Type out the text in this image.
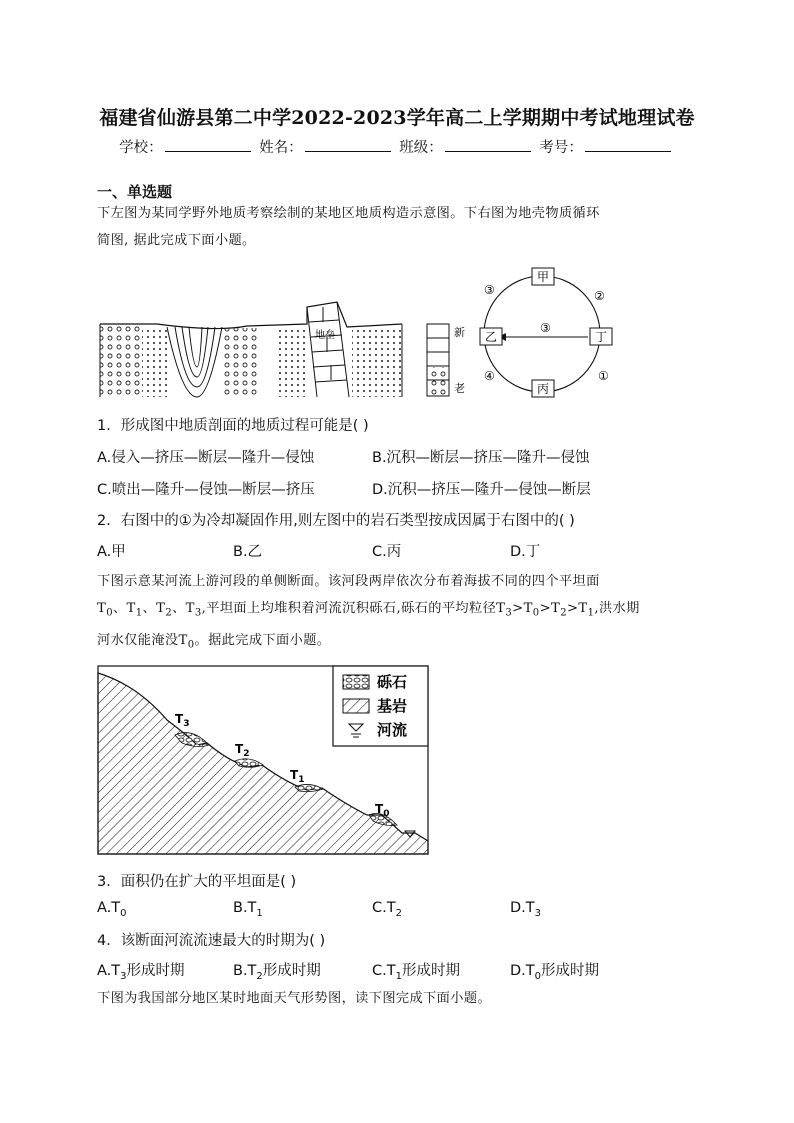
福建省仙游县第二中学2022-2023学年高二上学期期中考试地理试卷
学校：	姓名：	班级：	考号：
一、单选题
下左图为某同学野外地质考察绘制的某地区地质构造示意图。下右图为地壳物质循环
简图, 据此完成下面小题。
地垒	新
老
甲
乙
丙
丁
①
②
③
③
④
1．形成图中地质剖面的地质过程可能是( )
A.侵入—挤压—断层—隆升—侵蚀	B.沉积—断层—挤压—隆升—侵蚀
C.喷出—隆升—侵蚀—断层—挤压	D.沉积—挤压—隆升—侵蚀—断层
2．右图中的①为冷却凝固作用,则左图中的岩石类型按成因属于右图中的( )
A.甲	B.乙	C.丙	D.丁
下图示意某河流上游河段的单侧断面。该河段两岸依次分布着海拔不同的四个平坦面
$T_0$、$T_1$、$T_2$、$T_3$,平坦面上均堆积着河流沉积砾石,砾石的平均粒径$T_3>T_0>T_2>T_1$,洪水期
河水仅能淹没$T_0$。据此完成下面小题。
$T_3$
$T_2$
$T_1$
$T_0$
砾石
基岩
河流
3．面积仍在扩大的平坦面是( )
$A.T_0$	$B.T_1$	$C.T_2$	$D.T_3$
4．该断面河流流速最大的时期为( )
$A.T_3$形成时期	$B.T_2$形成时期	$C.T_1$形成时期	$D.T_0$形成时期
下图为我国部分地区某时地面天气形势图，读下图完成下面小题。
